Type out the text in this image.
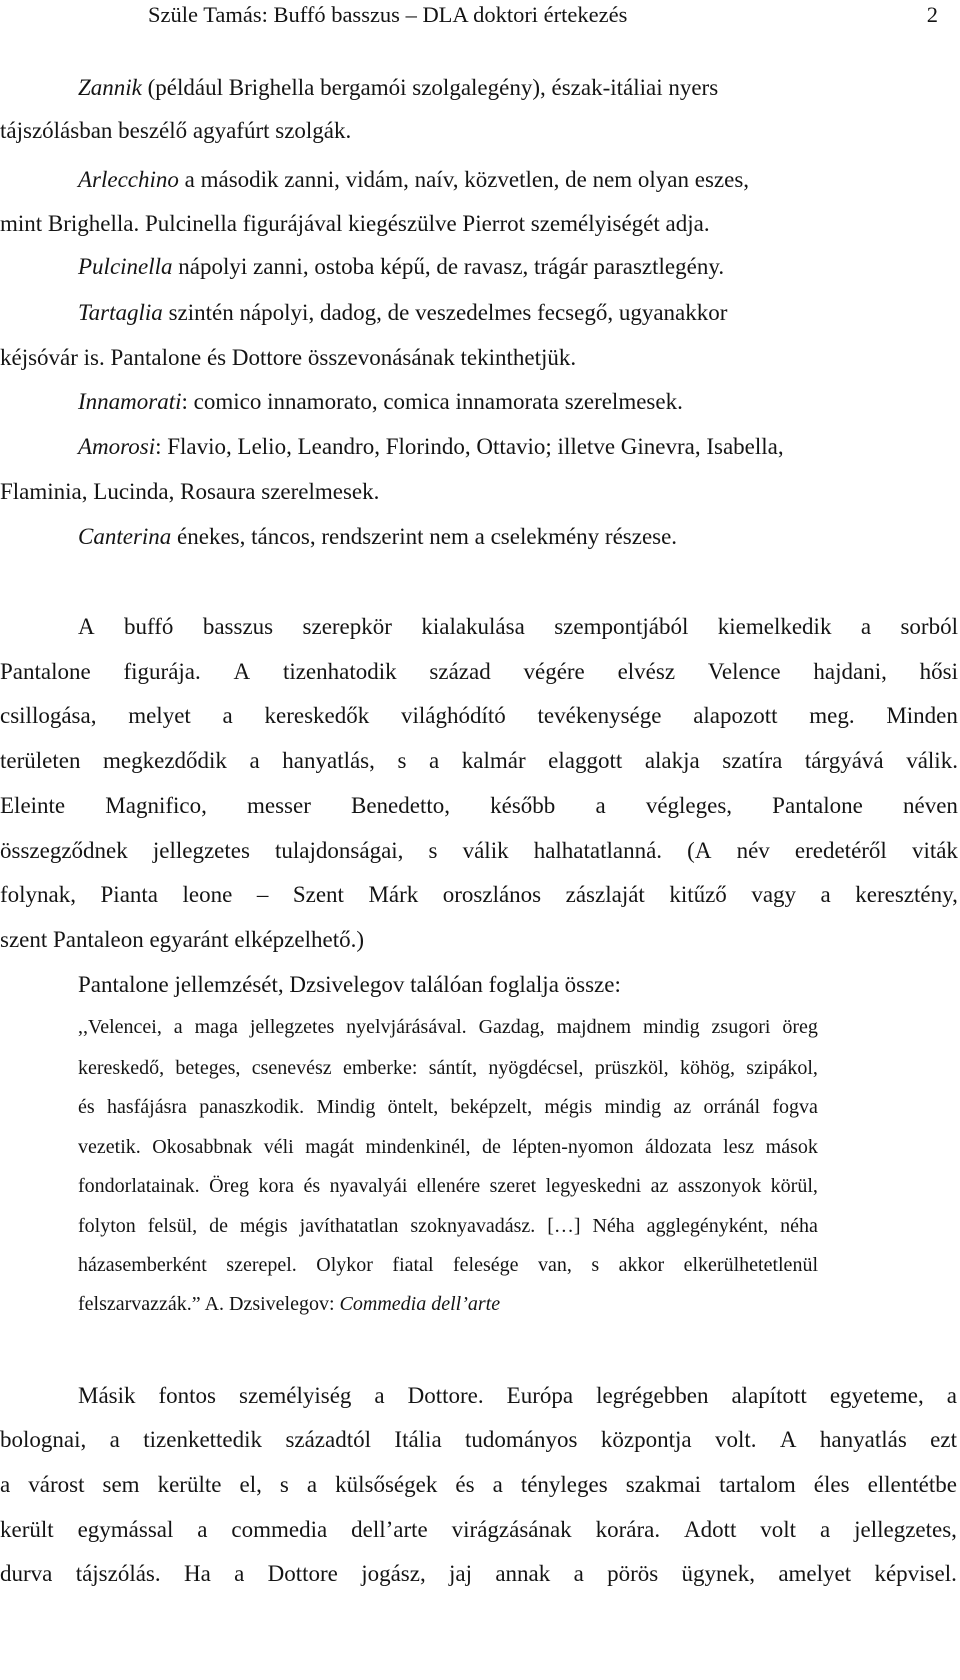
Szüle Tamás: Buffó basszus – DLA doktori értekezés	2
Zannik (például Brighella bergamói szolgalegény), észak-itáliai nyers
tájszólásban beszélő agyafúrt szolgák.
Arlecchino a második zanni, vidám, naív, közvetlen, de nem olyan eszes,
mint Brighella. Pulcinella figurájával kiegészülve Pierrot személyiségét adja.
Pulcinella nápolyi zanni, ostoba képű, de ravasz, trágár parasztlegény.
Tartaglia szintén nápolyi, dadog, de veszedelmes fecsegő, ugyanakkor
kéjsóvár is. Pantalone és Dottore összevonásának tekinthetjük.
Innamorati: comico innamorato, comica innamorata szerelmesek.
Amorosi: Flavio, Lelio, Leandro, Florindo, Ottavio; illetve Ginevra, Isabella,
Flaminia, Lucinda, Rosaura szerelmesek.
Canterina énekes, táncos, rendszerint nem a cselekmény részese.
A buffó basszus szerepkör kialakulása szempontjából kiemelkedik a sorból
Pantalone figurája. A tizenhatodik század végére elvész Velence hajdani, hősi
csillogása, melyet a kereskedők világhódító tevékenysége alapozott meg. Minden
területen megkezdődik a hanyatlás, s a kalmár elaggott alakja szatíra tárgyává válik.
Eleinte Magnifico, messer Benedetto, később a végleges, Pantalone néven
összegződnek jellegzetes tulajdonságai, s válik halhatatlanná. (A név eredetéről viták
folynak, Pianta leone – Szent Márk oroszlános zászlaját kitűző vagy a keresztény,
szent Pantaleon egyaránt elképzelhető.)
Pantalone jellemzését, Dzsivelegov találóan foglalja össze:
,,Velencei, a maga jellegzetes nyelvjárásával. Gazdag, majdnem mindig zsugori öreg
kereskedő, beteges, csenevész emberke: sántít, nyögdécsel, prüszköl, köhög, szipákol,
és hasfájásra panaszkodik. Mindig öntelt, beképzelt, mégis mindig az orránál fogva
vezetik. Okosabbnak véli magát mindenkinél, de lépten-nyomon áldozata lesz mások
fondorlatainak. Öreg kora és nyavalyái ellenére szeret legyeskedni az asszonyok körül,
folyton felsül, de mégis javíthatatlan szoknyavadász. […] Néha agglegényként, néha
házasemberként szerepel. Olykor fiatal felesége van, s akkor elkerülhetetlenül
felszarvazzák.” A. Dzsivelegov: Commedia dell’arte
Másik fontos személyiség a Dottore. Európa legrégebben alapított egyeteme, a
bolognai, a tizenkettedik századtól Itália tudományos központja volt. A hanyatlás ezt
a várost sem kerülte el, s a külsőségek és a tényleges szakmai tartalom éles ellentétbe
került egymással a commedia dell’arte virágzásának korára. Adott volt a jellegzetes,
durva tájszólás. Ha a Dottore jogász, jaj annak a pörös ügynek, amelyet képvisel.
